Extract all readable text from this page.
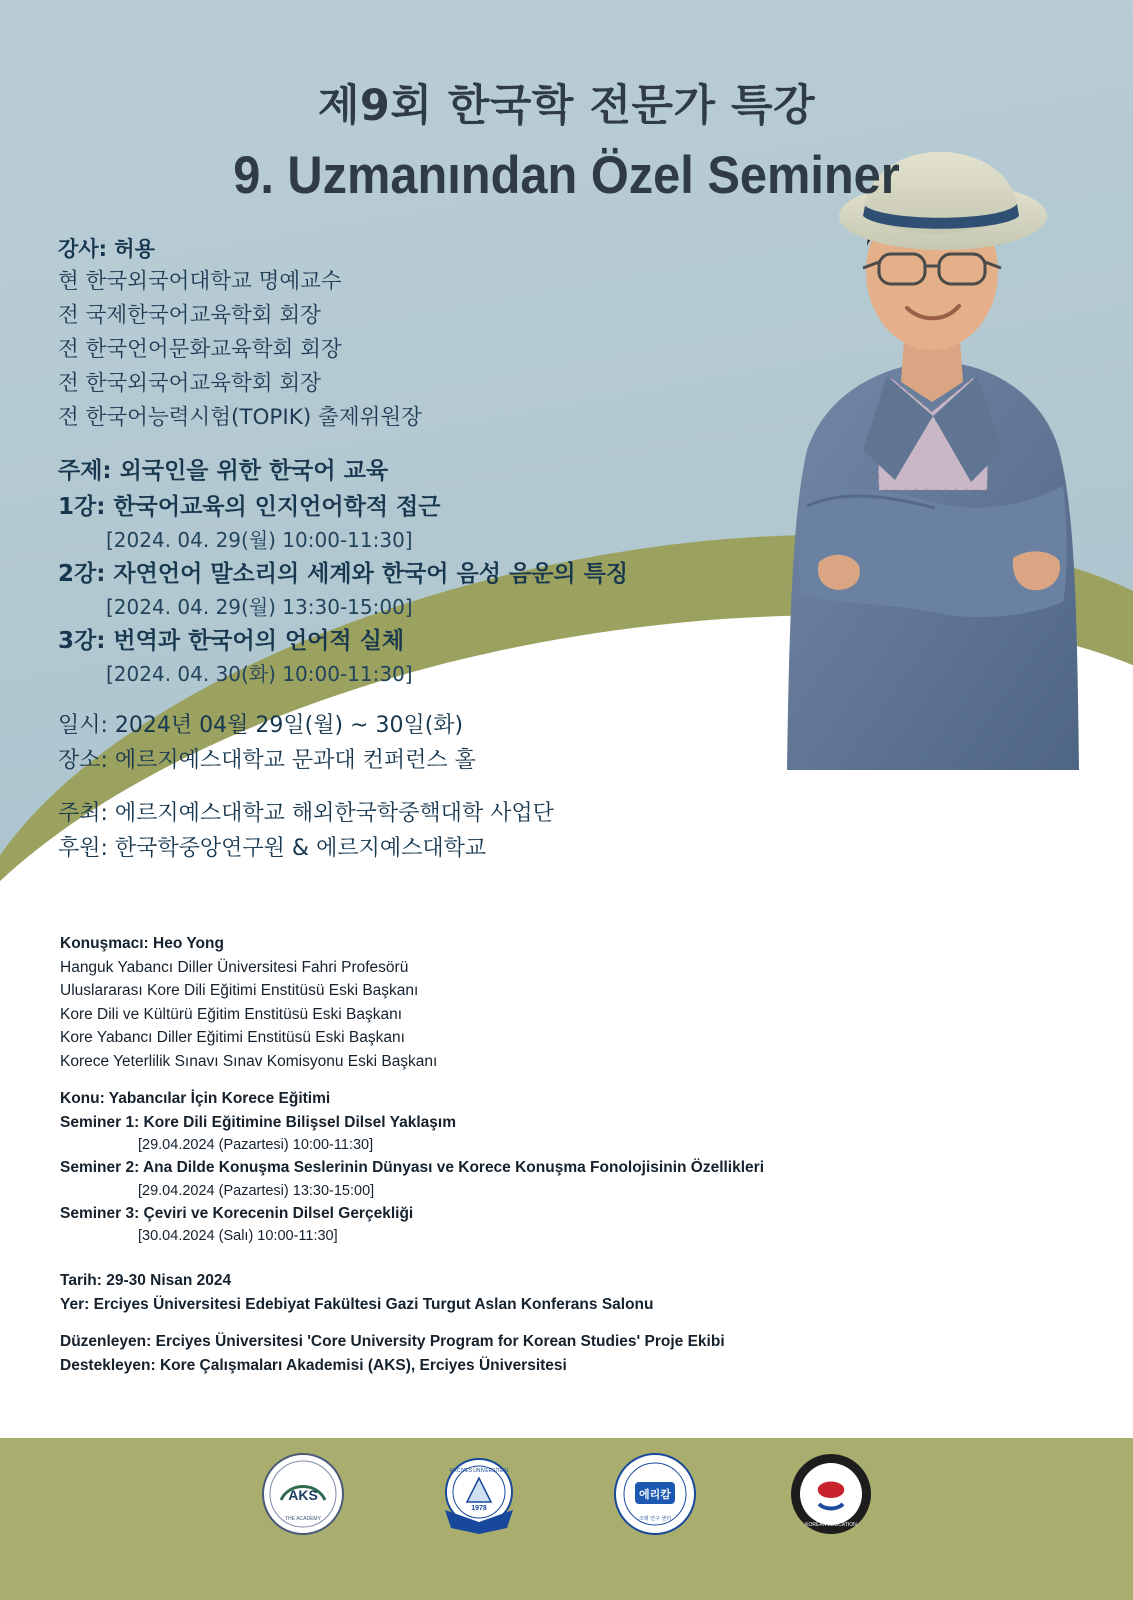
제9회 한국학 전문가 특강
9. Uzmanından Özel Seminer
강사: 허용
현 한국외국어대학교 명예교수
전 국제한국어교육학회 회장
전 한국언어문화교육학회 회장
전 한국외국어교육학회 회장
전 한국어능력시험(TOPIK) 출제위원장
주제: 외국인을 위한 한국어 교육
1강: 한국어교육의 인지언어학적 접근
[2024. 04. 29(월) 10:00-11:30]
2강: 자연언어 말소리의 세계와 한국어 음성 음운의 특징
[2024. 04. 29(월) 13:30-15:00]
3강: 번역과 한국어의 언어적 실체
[2024. 04. 30(화) 10:00-11:30]
일시: 2024년 04월 29일(월) ~ 30일(화)
장소: 에르지예스대학교 문과대 컨퍼런스 홀
주최: 에르지예스대학교 해외한국학중핵대학 사업단
후원: 한국학중앙연구원 & 에르지예스대학교
Konuşmacı: Heo Yong
Hanguk Yabancı Diller Üniversitesi Fahri Profesörü
Uluslararası Kore Dili Eğitimi Enstitüsü Eski Başkanı
Kore Dili ve Kültürü Eğitim Enstitüsü Eski Başkanı
Kore Yabancı Diller Eğitimi Enstitüsü Eski Başkanı
Korece Yeterlilik Sınavı Sınav Komisyonu Eski Başkanı
Konu: Yabancılar İçin Korece Eğitimi
Seminer 1: Kore Dili Eğitimine Bilişsel Dilsel Yaklaşım
[29.04.2024 (Pazartesi) 10:00-11:30]
Seminer 2: Ana Dilde Konuşma Seslerinin Dünyası ve Korece Konuşma Fonolojisinin Özellikleri
[29.04.2024 (Pazartesi) 13:30-15:00]
Seminer 3: Çeviri ve Korecenin Dilsel Gerçekliği
[30.04.2024 (Salı) 10:00-11:30]
Tarih: 29-30 Nisan 2024
Yer: Erciyes Üniversitesi Edebiyat Fakültesi Gazi Turgut Aslan Konferans Salonu
Düzenleyen: Erciyes Üniversitesi 'Core University Program for Korean Studies' Proje Ekibi
Destekleyen: Kore Çalışmaları Akademisi (AKS), Erciyes Üniversitesi
AKS
THE ACADEMY
1978
ERCİYES ÜNİVERSİTESİ
에리캄
코레 연구 센터
KOREAN EDUCATION
